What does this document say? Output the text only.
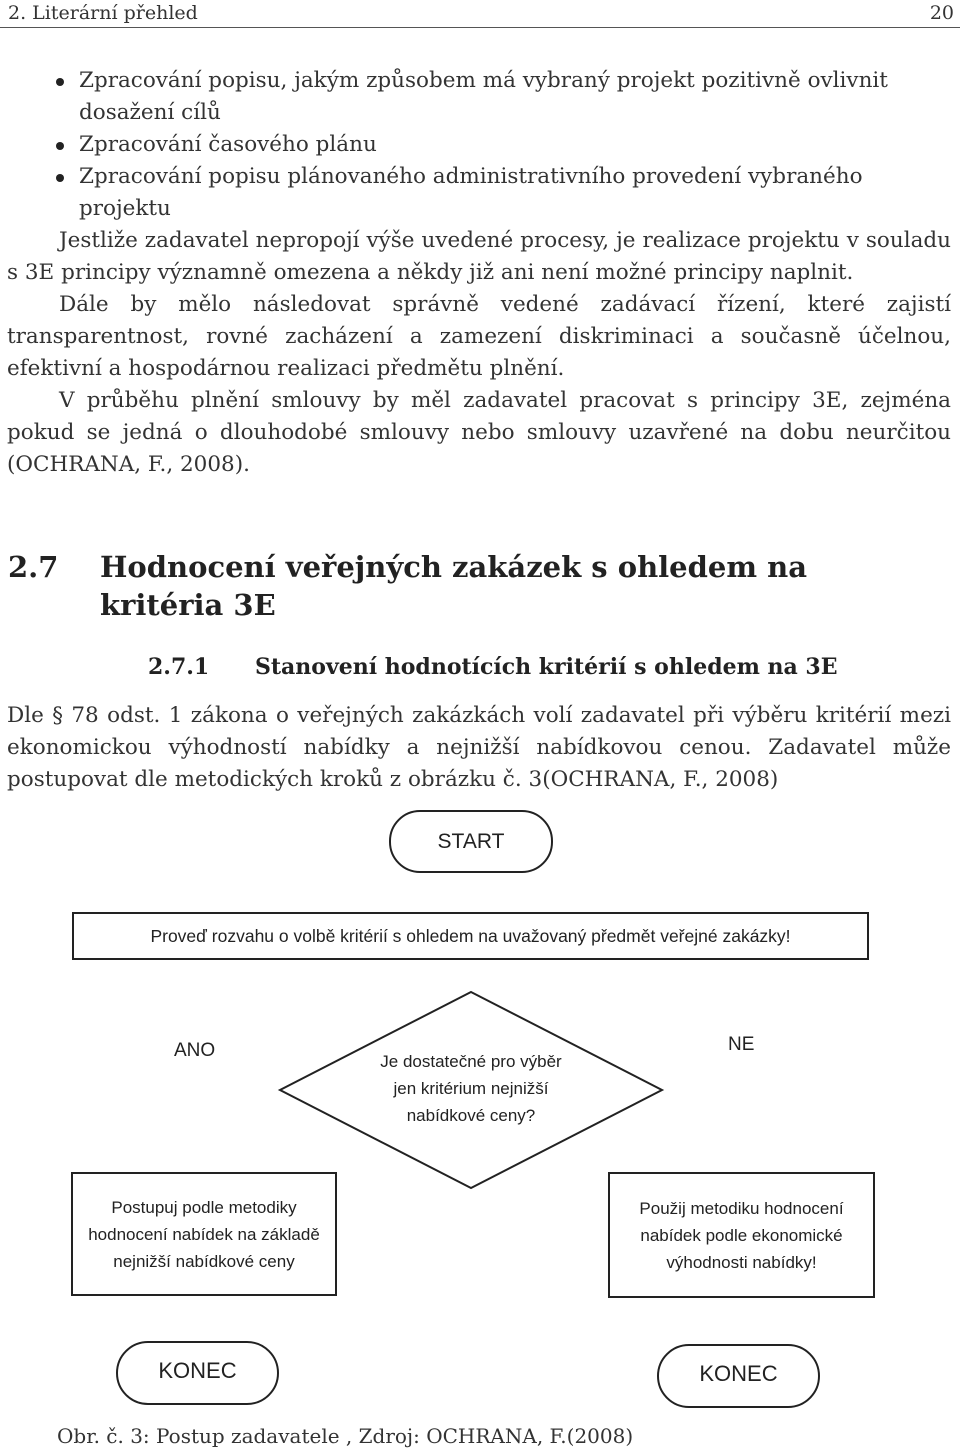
2. Literární přehled	20
Zpracování popisu, jakým způsobem má vybraný projekt pozitivně ovlivnit dosažení cílů
Zpracování časového plánu
Zpracování popisu plánovaného administrativního provedení vybraného projektu

Jestliže zadavatel nepropojí výše uvedené procesy, je realizace projektu v souladu s 3E principy významně omezena a někdy již ani není možné principy naplnit.

Dále by mělo následovat správně vedené zadávací řízení, které zajistí transparentnost, rovné zacházení a zamezení diskriminaci a současně účelnou, efektivní a hospodárnou realizaci předmětu plnění.

V průběhu plnění smlouvy by měl zadavatel pracovat s principy 3E, zejména pokud se jedná o dlouhodobé smlouvy nebo smlouvy uzavřené na dobu neurčitou (OCHRANA, F., 2008).

2.7 Hodnocení veřejných zakázek s ohledem na kritéria 3E
2.7.1 Stanovení hodnotících kritérií s ohledem na 3E

Dle § 78 odst. 1 zákona o veřejných zakázkách volí zadavatel při výběru kritérií mezi ekonomickou výhodností nabídky a nejnižší nabídkovou cenou. Zadavatel může postupovat dle metodických kroků z obrázku č. 3(OCHRANA, F., 2008)

START
Proveď rozvahu o volbě kritérií s ohledem na uvažovaný předmět veřejné zakázky!
ANO	NE
Je dostatečné pro výběr jen kritérium nejnižší nabídkové ceny?
Postupuj podle metodiky hodnocení nabídek na základě nejnižší nabídkové ceny
Použij metodiku hodnocení nabídek podle ekonomické výhodnosti nabídky!
KONEC	KONEC
Obr. č. 3: Postup zadavatele , Zdroj: OCHRANA, F.(2008)
